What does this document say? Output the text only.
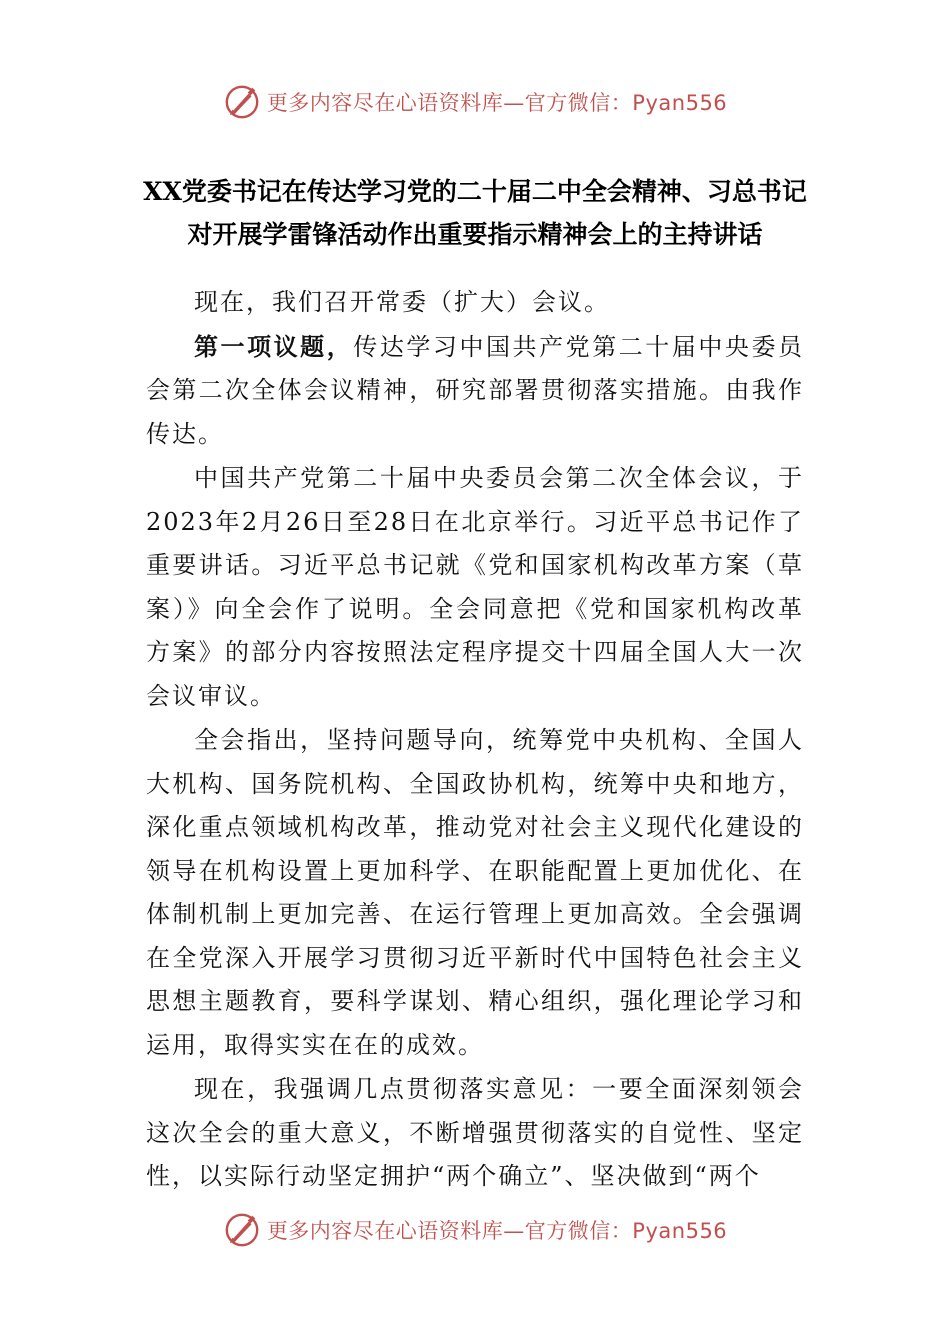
更多内容尽在心语资料库—官方微信：Pyan556
XX党委书记在传达学习党的二十届二中全会精神、习总书记对开展学雷锋活动作出重要指示精神会上的主持讲话

现在，我们召开常委（扩大）会议。

第一项议题，传达学习中国共产党第二十届中央委员会第二次全体会议精神，研究部署贯彻落实措施。由我作传达。

中国共产党第二十届中央委员会第二次全体会议，于2023年2月26日至28日在北京举行。习近平总书记作了重要讲话。习近平总书记就《党和国家机构改革方案（草案）》向全会作了说明。全会同意把《党和国家机构改革方案》的部分内容按照法定程序提交十四届全国人大一次会议审议。

全会指出，坚持问题导向，统筹党中央机构、全国人大机构、国务院机构、全国政协机构，统筹中央和地方，深化重点领域机构改革，推动党对社会主义现代化建设的领导在机构设置上更加科学、在职能配置上更加优化、在体制机制上更加完善、在运行管理上更加高效。全会强调在全党深入开展学习贯彻习近平新时代中国特色社会主义思想主题教育，要科学谋划、精心组织，强化理论学习和运用，取得实实在在的成效。

现在，我强调几点贯彻落实意见：一要全面深刻领会这次全会的重大意义，不断增强贯彻落实的自觉性、坚定性，以实际行动坚定拥护“两个确立”、坚决做到“两个

更多内容尽在心语资料库—官方微信：Pyan556
